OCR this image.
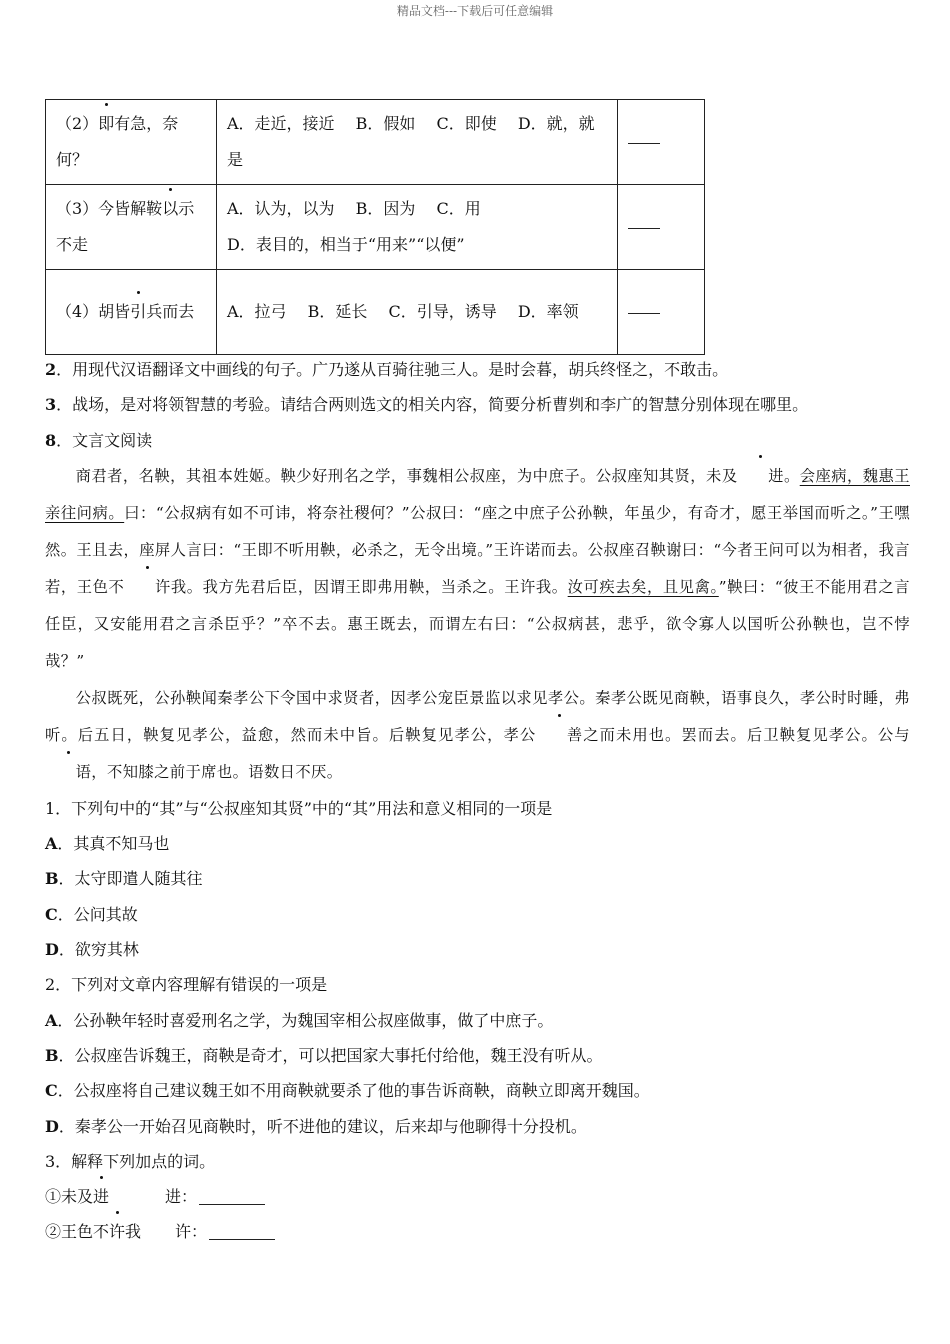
精品文档---下载后可任意编辑
（2）即有急，奈何？	A．走近，接近　 B．假如　 C．即使　 D．就，就是	
（3）今皆解鞍以示不走	A．认为，以为　 B．因为　 C．用
D．表目的，相当于“用来”“以便”	

（4）胡皆引兵而去	A．拉弓　 B．延长　 C．引导，诱导　 D．率领	
2．用现代汉语翻译文中画线的句子。广乃遂从百骑往驰三人。是时会暮，胡兵终怪之，不敢击。
3．战场，是对将领智慧的考验。请结合两则选文的相关内容，简要分析曹刿和李广的智慧分别体现在哪里。
8．文言文阅读

商君者，名鞅，其祖本姓姬。鞅少好刑名之学，事魏相公叔座，为中庶子。公叔座知其贤，未及 进。会座病，魏惠王亲往问病。曰：“公叔病有如不可讳，将奈社稷何？”公叔曰：“座之中庶子公孙鞅，年虽少，有奇才，愿王举国而听之。”王嘿然。王且去，座屏人言曰：“王即不听用鞅，必杀之，无令出境。”王许诺而去。公叔座召鞅谢曰：“今者王问可以为相者，我言若，王色不 许我。我方先君后臣，因谓王即弗用鞅，当杀之。王许我。汝可疾去矣，且见禽。”鞅曰：“彼王不能用君之言任臣，又安能用君之言杀臣乎？”卒不去。惠王既去，而谓左右曰：“公叔病甚，悲乎，欲令寡人以国听公孙鞅也，岂不悖哉？”

公叔既死，公孙鞅闻秦孝公下令国中求贤者，因孝公宠臣景监以求见孝公。秦孝公既见商鞅，语事良久，孝公时时睡，弗听。后五日，鞅复见孝公，益愈，然而未中旨。后鞅复见孝公，孝公 善之而未用也。罢而去。后卫鞅复见孝公。公与语，不知膝之前于席也。语数日不厌。

1．下列句中的“其”与“公叔座知其贤”中的“其”用法和意义相同的一项是
A．其真不知马也
B．太守即遣人随其往
C．公问其故
D．欲穷其林
2．下列对文章内容理解有错误的一项是
A．公孙鞅年轻时喜爱刑名之学，为魏国宰相公叔座做事，做了中庶子。
B．公叔座告诉魏王，商鞅是奇才，可以把国家大事托付给他，魏王没有听从。
C．公叔座将自己建议魏王如不用商鞅就要杀了他的事告诉商鞅，商鞅立即离开魏国。
D．秦孝公一开始召见商鞅时，听不进他的建议，后来却与他聊得十分投机。
3．解释下列加点的词。
①未及进	进：
②王色不许我 许：
